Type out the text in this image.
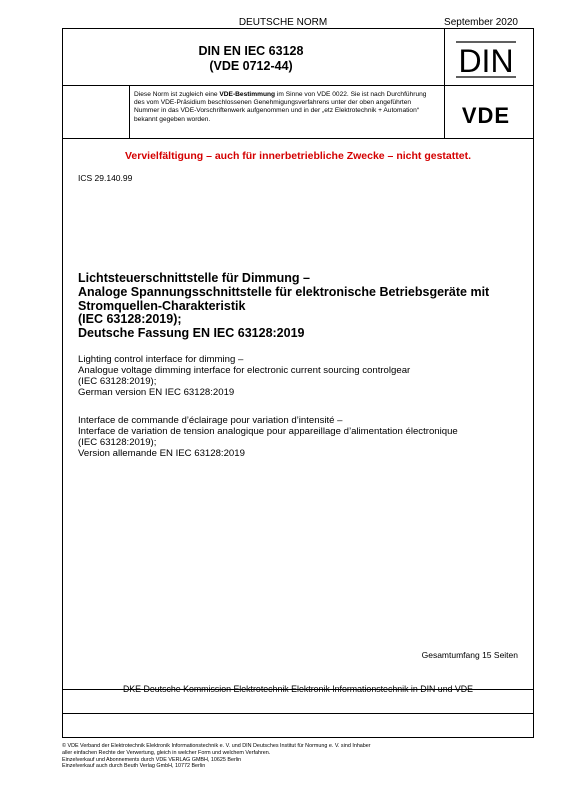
DEUTSCHE NORM	September 2020
DIN EN IEC 63128
(VDE 0712-44)	DIN
Diese Norm ist zugleich eine VDE-Bestimmung im Sinne von VDE 0022. Sie ist nach Durchführung des vom VDE-Präsidium beschlossenen Genehmigungsverfahrens unter der oben angeführten Nummer in das VDE-Vorschriftenwerk aufgenommen und in der „etz Elektrotechnik + Automation“ bekannt gegeben worden.	VDE
Vervielfältigung – auch für innerbetriebliche Zwecke – nicht gestattet.
ICS 29.140.99
Lichtsteuerschnittstelle für Dimmung –
Analoge Spannungsschnittstelle für elektronische Betriebsgeräte mit
Stromquellen-Charakteristik
(IEC 63128:2019);
Deutsche Fassung EN IEC 63128:2019
Lighting control interface for dimming –
Analogue voltage dimming interface for electronic current sourcing controlgear
(IEC 63128:2019);
German version EN IEC 63128:2019
Interface de commande d’éclairage pour variation d’intensité –
Interface de variation de tension analogique pour appareillage d’alimentation électronique
(IEC 63128:2019);
Version allemande EN IEC 63128:2019
Gesamtumfang 15 Seiten
DKE Deutsche Kommission Elektrotechnik Elektronik Informationstechnik in DIN und VDE
© VDE Verband der Elektrotechnik Elektronik Informationstechnik e. V. und DIN Deutsches Institut für Normung e. V. sind Inhaber
aller einfachen Rechte der Verwertung, gleich in welcher Form und welchem Verfahren.
Einzelverkauf und Abonnements durch VDE VERLAG GMBH, 10625 Berlin
Einzelverkauf auch durch Beuth Verlag GmbH, 10772 Berlin
